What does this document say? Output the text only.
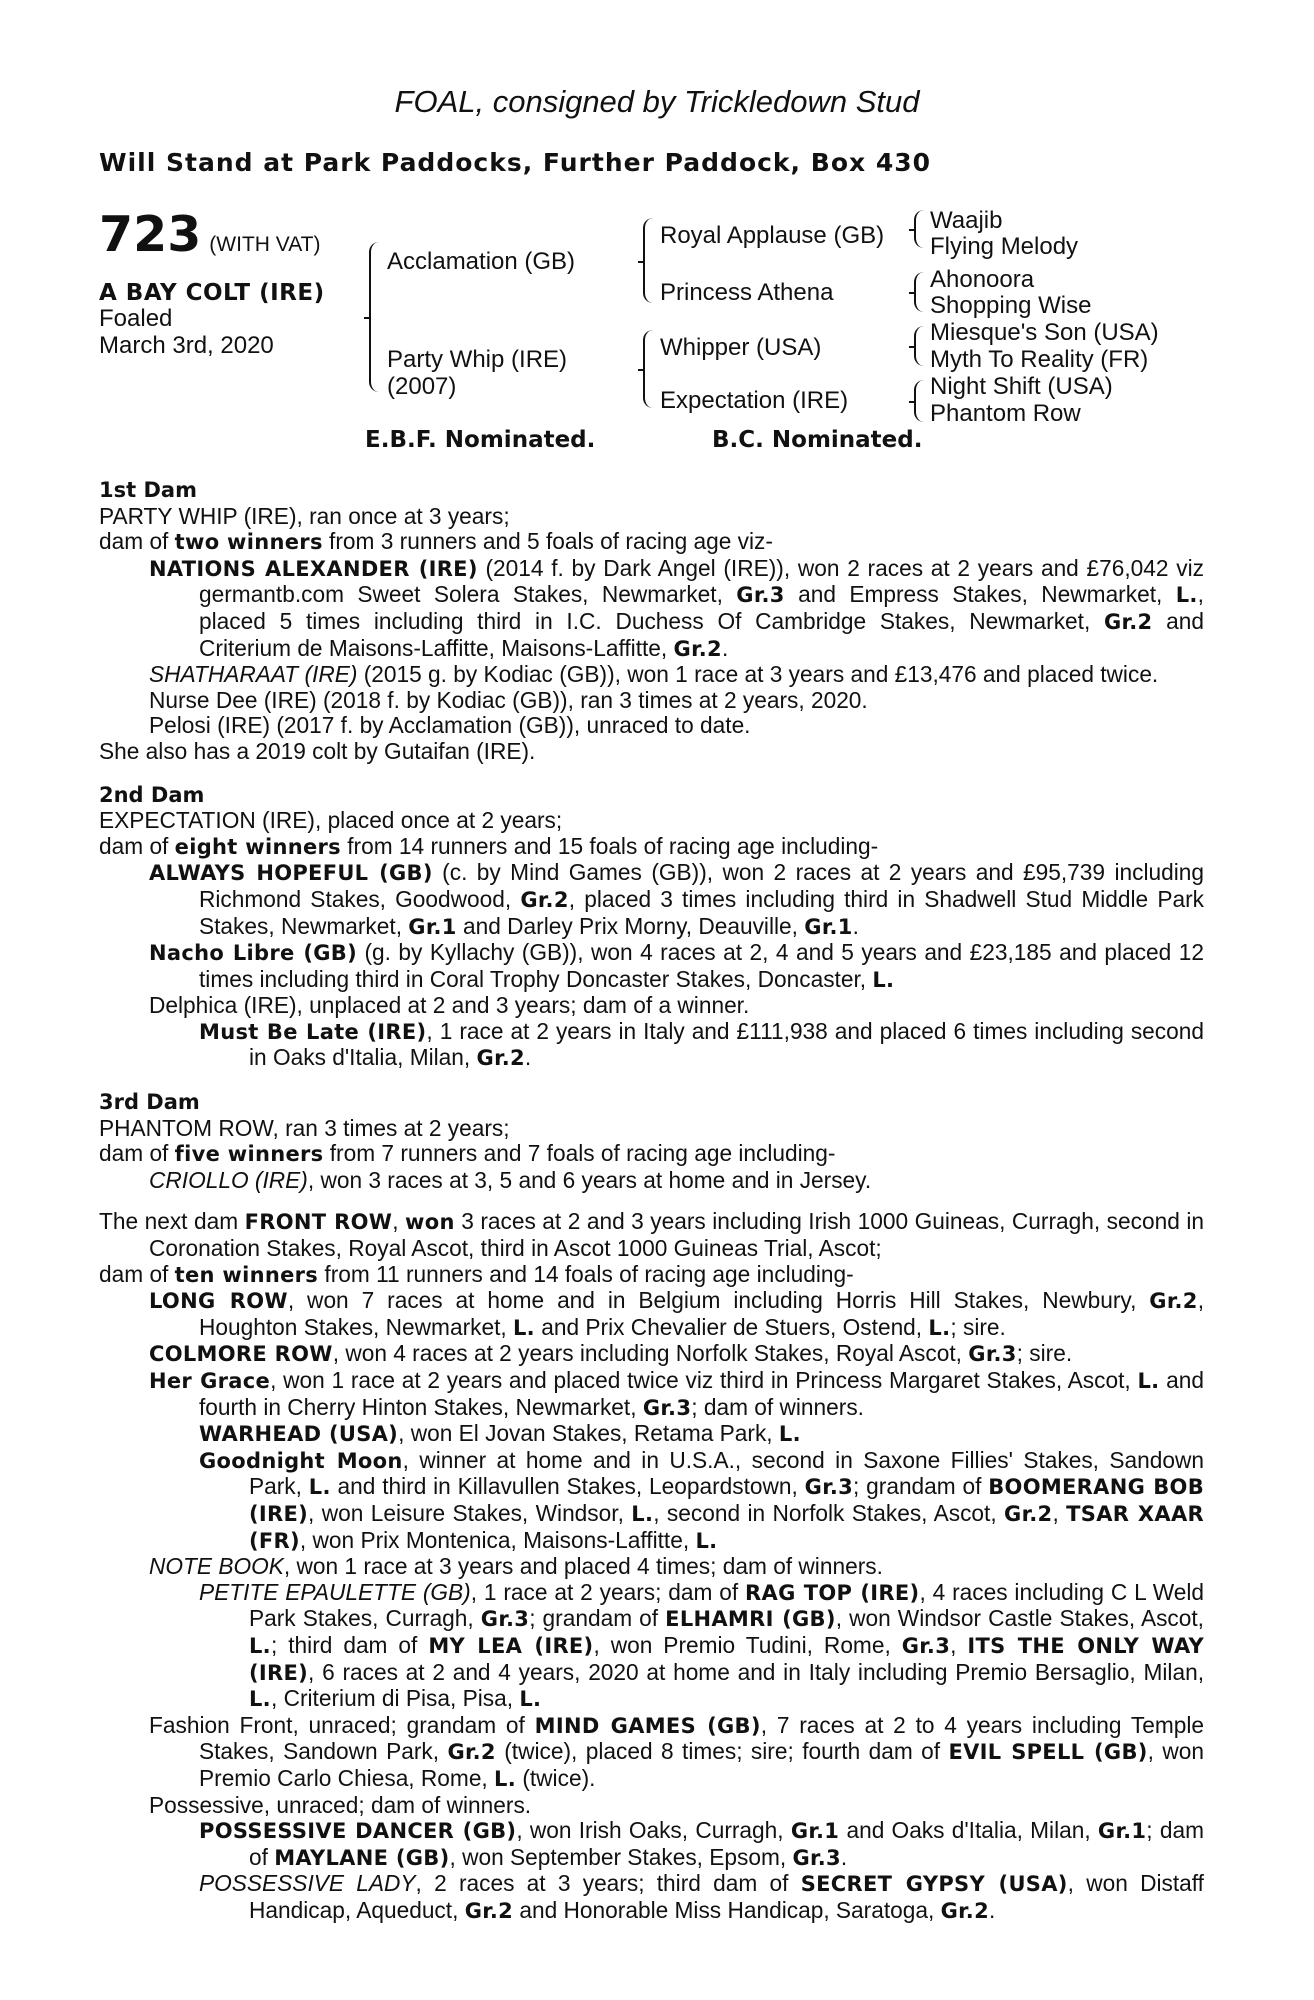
FOAL, consigned by Trickledown Stud
Will Stand at Park Paddocks, Further Paddock, Box 430
723 (WITH VAT)
A BAY COLT (IRE)
Foaled
March 3rd, 2020
Acclamation (GB)
Party Whip (IRE)
(2007)
Royal Applause (GB)
Princess Athena
Whipper (USA)
Expectation (IRE)
Waajib
Flying Melody
Ahonoora
Shopping Wise
Miesque's Son (USA)
Myth To Reality (FR)
Night Shift (USA)
Phantom Row
E.B.F. Nominated.	B.C. Nominated.

1st Dam

PARTY WHIP (IRE), ran once at 3 years;

dam of two winners from 3 runners and 5 foals of racing age viz-

NATIONS ALEXANDER (IRE) (2014 f. by Dark Angel (IRE)), won 2 races at 2 years and £76,042 viz germantb.com Sweet Solera Stakes, Newmarket, Gr.3 and Empress Stakes, Newmarket, L., placed 5 times including third in I.C. Duchess Of Cambridge Stakes, Newmarket, Gr.2 and Criterium de Maisons-Laffitte, Maisons-Laffitte, Gr.2.

SHATHARAAT (IRE) (2015 g. by Kodiac (GB)), won 1 race at 3 years and £13,476 and placed twice.

Nurse Dee (IRE) (2018 f. by Kodiac (GB)), ran 3 times at 2 years, 2020.

Pelosi (IRE) (2017 f. by Acclamation (GB)), unraced to date.

She also has a 2019 colt by Gutaifan (IRE).

2nd Dam

EXPECTATION (IRE), placed once at 2 years;

dam of eight winners from 14 runners and 15 foals of racing age including-

ALWAYS HOPEFUL (GB) (c. by Mind Games (GB)), won 2 races at 2 years and £95,739 including Richmond Stakes, Goodwood, Gr.2, placed 3 times including third in Shadwell Stud Middle Park Stakes, Newmarket, Gr.1 and Darley Prix Morny, Deauville, Gr.1.

Nacho Libre (GB) (g. by Kyllachy (GB)), won 4 races at 2, 4 and 5 years and £23,185 and placed 12 times including third in Coral Trophy Doncaster Stakes, Doncaster, L.

Delphica (IRE), unplaced at 2 and 3 years; dam of a winner.

Must Be Late (IRE), 1 race at 2 years in Italy and £111,938 and placed 6 times including second in Oaks d'Italia, Milan, Gr.2.

3rd Dam

PHANTOM ROW, ran 3 times at 2 years;

dam of five winners from 7 runners and 7 foals of racing age including-

CRIOLLO (IRE), won 3 races at 3, 5 and 6 years at home and in Jersey.

The next dam FRONT ROW, won 3 races at 2 and 3 years including Irish 1000 Guineas, Curragh, second in Coronation Stakes, Royal Ascot, third in Ascot 1000 Guineas Trial, Ascot;

dam of ten winners from 11 runners and 14 foals of racing age including-

LONG ROW, won 7 races at home and in Belgium including Horris Hill Stakes, Newbury, Gr.2, Houghton Stakes, Newmarket, L. and Prix Chevalier de Stuers, Ostend, L.; sire.

COLMORE ROW, won 4 races at 2 years including Norfolk Stakes, Royal Ascot, Gr.3; sire.

Her Grace, won 1 race at 2 years and placed twice viz third in Princess Margaret Stakes, Ascot, L. and fourth in Cherry Hinton Stakes, Newmarket, Gr.3; dam of winners.

WARHEAD (USA), won El Jovan Stakes, Retama Park, L.

Goodnight Moon, winner at home and in U.S.A., second in Saxone Fillies' Stakes, Sandown Park, L. and third in Killavullen Stakes, Leopardstown, Gr.3; grandam of BOOMERANG BOB (IRE), won Leisure Stakes, Windsor, L., second in Norfolk Stakes, Ascot, Gr.2, TSAR XAAR (FR), won Prix Montenica, Maisons-Laffitte, L.

NOTE BOOK, won 1 race at 3 years and placed 4 times; dam of winners.

PETITE EPAULETTE (GB), 1 race at 2 years; dam of RAG TOP (IRE), 4 races including C L Weld Park Stakes, Curragh, Gr.3; grandam of ELHAMRI (GB), won Windsor Castle Stakes, Ascot, L.; third dam of MY LEA (IRE), won Premio Tudini, Rome, Gr.3, ITS THE ONLY WAY (IRE), 6 races at 2 and 4 years, 2020 at home and in Italy including Premio Bersaglio, Milan, L., Criterium di Pisa, Pisa, L.

Fashion Front, unraced; grandam of MIND GAMES (GB), 7 races at 2 to 4 years including Temple Stakes, Sandown Park, Gr.2 (twice), placed 8 times; sire; fourth dam of EVIL SPELL (GB), won Premio Carlo Chiesa, Rome, L. (twice).

Possessive, unraced; dam of winners.

POSSESSIVE DANCER (GB), won Irish Oaks, Curragh, Gr.1 and Oaks d'Italia, Milan, Gr.1; dam of MAYLANE (GB), won September Stakes, Epsom, Gr.3.

POSSESSIVE LADY, 2 races at 3 years; third dam of SECRET GYPSY (USA), won Distaff Handicap, Aqueduct, Gr.2 and Honorable Miss Handicap, Saratoga, Gr.2.
